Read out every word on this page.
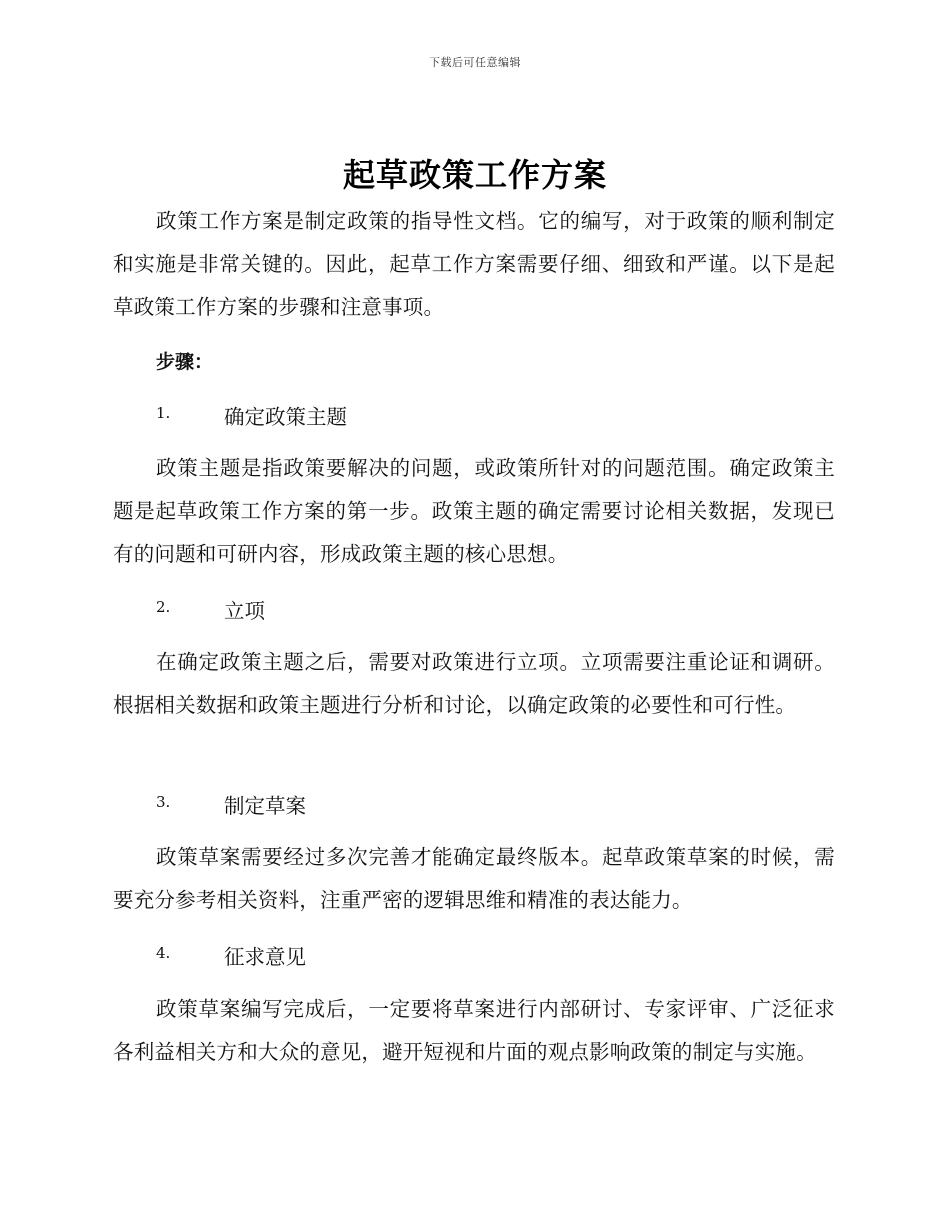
下载后可任意编辑
起草政策工作方案

政策工作方案是制定政策的指导性文档。它的编写，对于政策的顺利制定和实施是非常关键的。因此，起草工作方案需要仔细、细致和严谨。以下是起草政策工作方案的步骤和注意事项。

步骤：
1.	确定政策主题

政策主题是指政策要解决的问题，或政策所针对的问题范围。确定政策主题是起草政策工作方案的第一步。政策主题的确定需要讨论相关数据，发现已有的问题和可研内容，形成政策主题的核心思想。

2.	立项

在确定政策主题之后，需要对政策进行立项。立项需要注重论证和调研。根据相关数据和政策主题进行分析和讨论，以确定政策的必要性和可行性。

3.	制定草案

政策草案需要经过多次完善才能确定最终版本。起草政策草案的时候，需要充分参考相关资料，注重严密的逻辑思维和精准的表达能力。

4.	征求意见

政策草案编写完成后，一定要将草案进行内部研讨、专家评审、广泛征求各利益相关方和大众的意见，避开短视和片面的观点影响政策的制定与实施。
